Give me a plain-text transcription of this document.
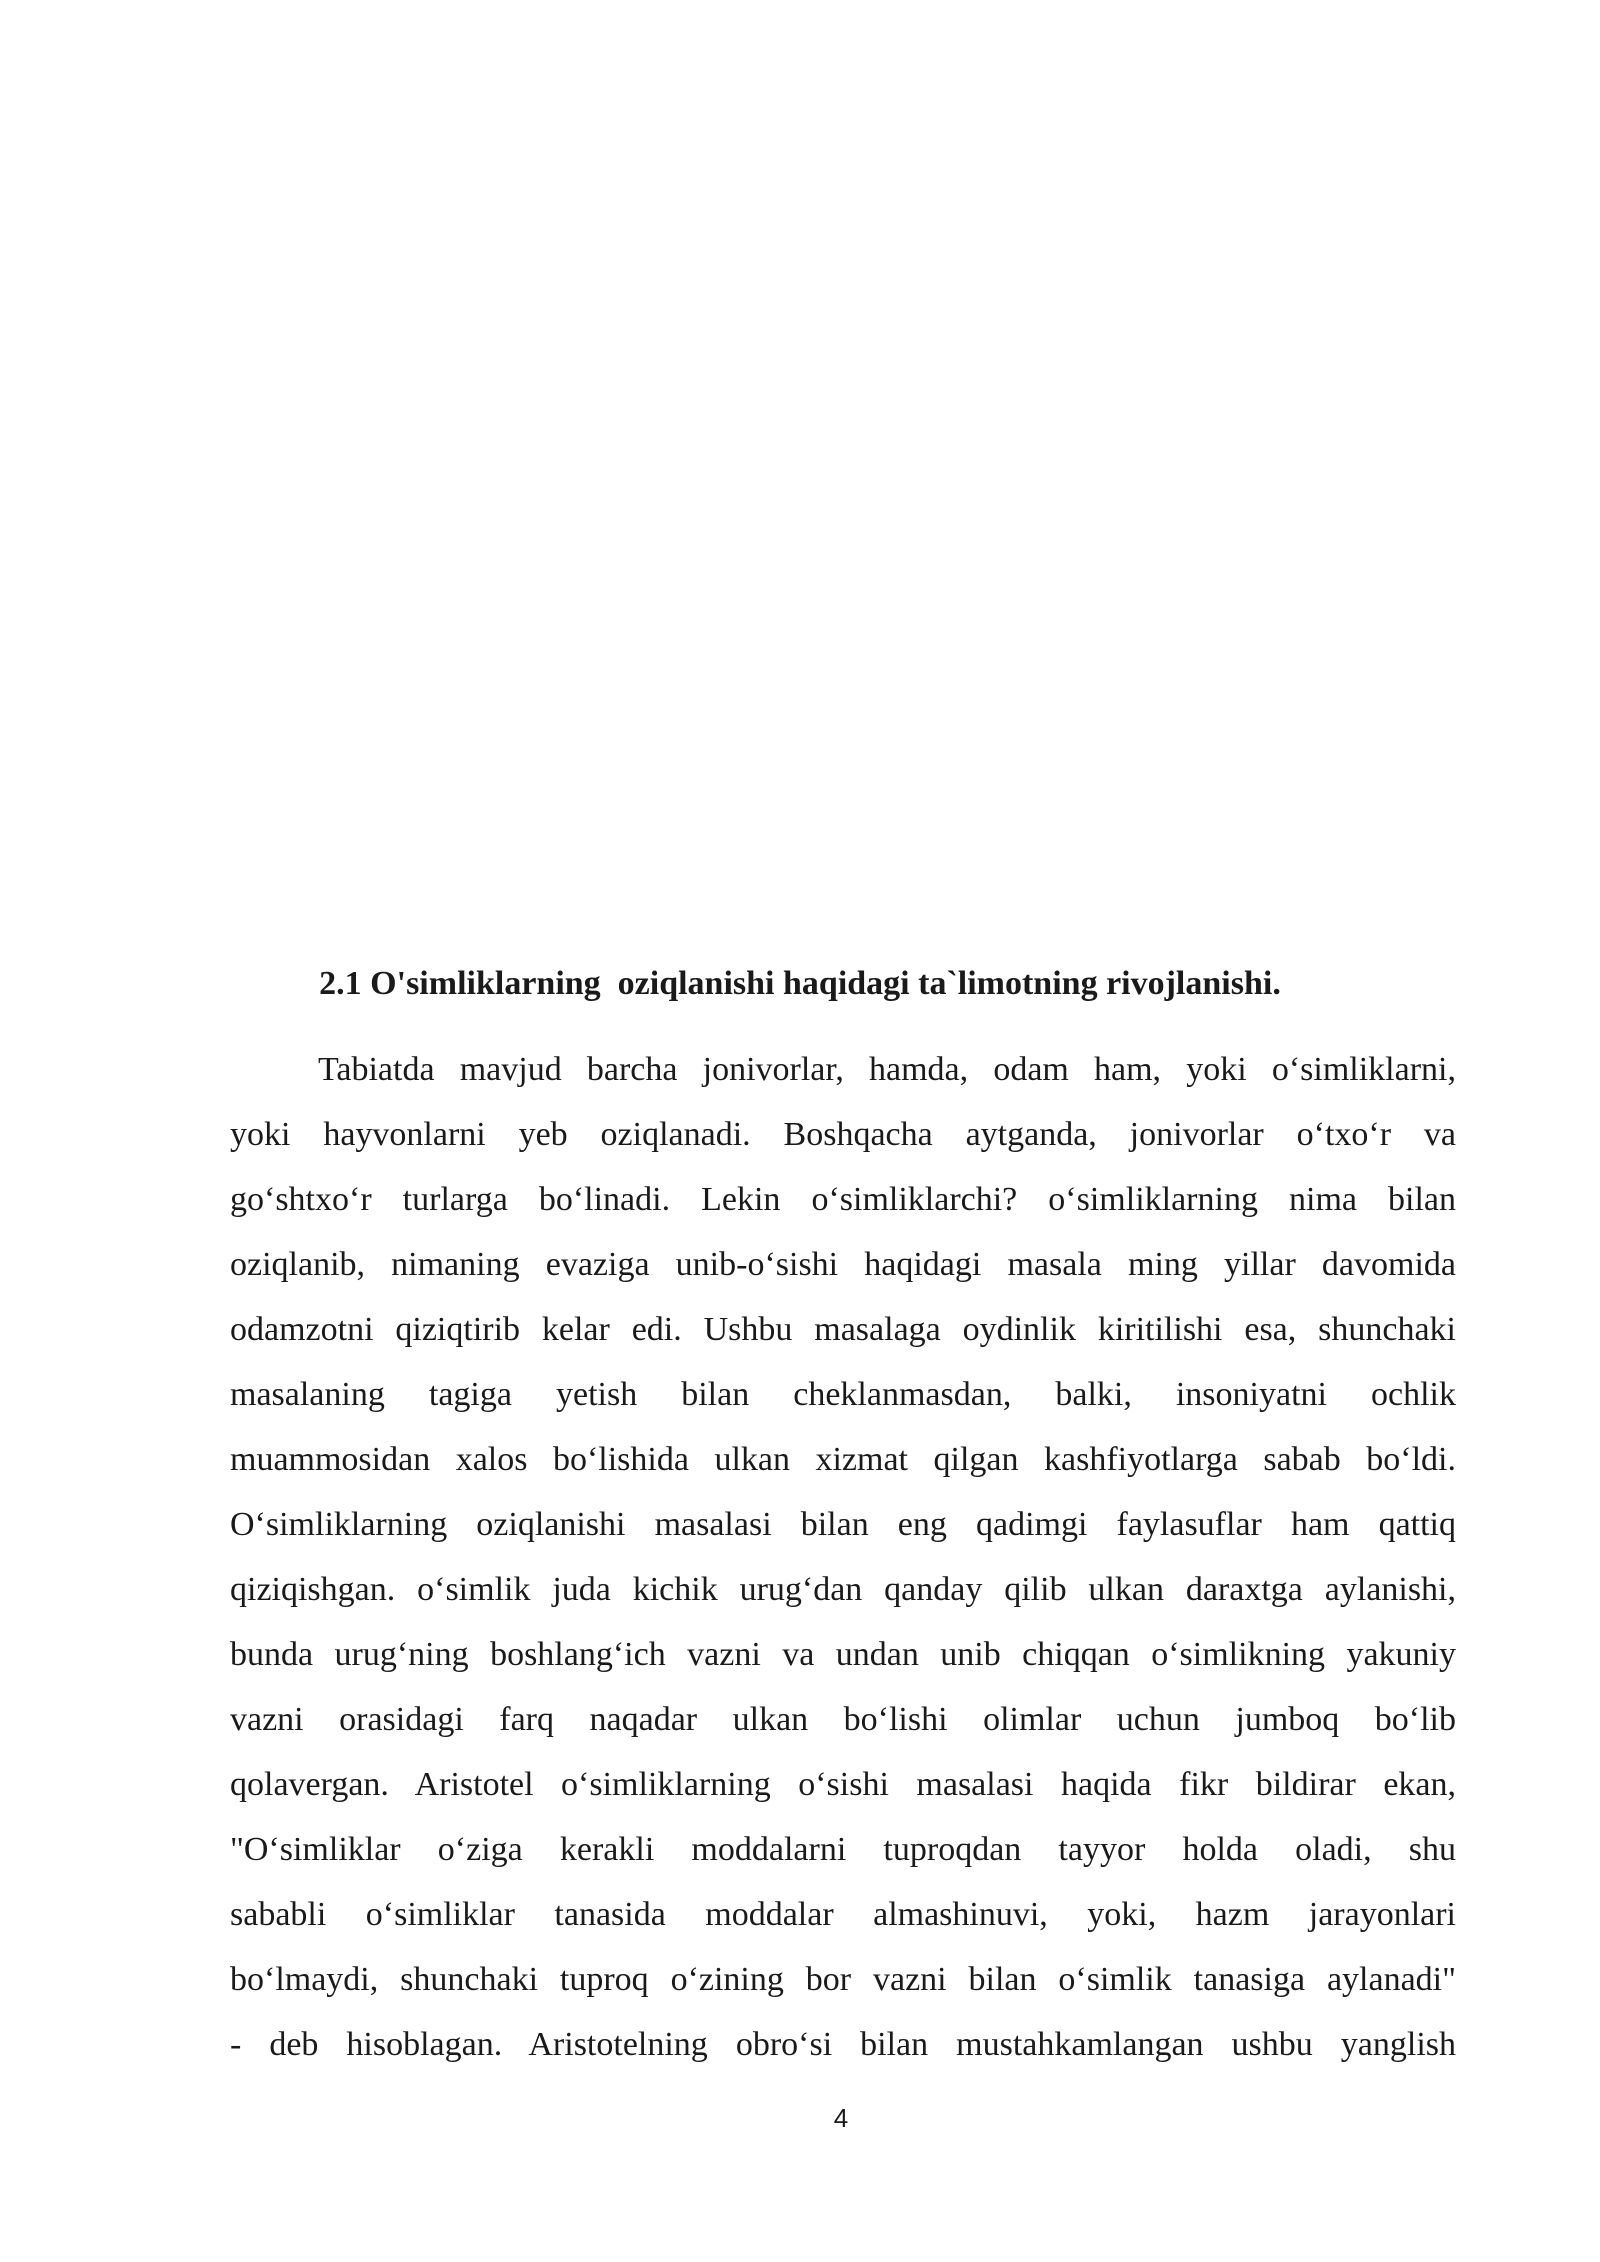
2.1 O'simliklarning  oziqlanishi haqidagi ta`limotning rivojlanishi.
Tabiatda mavjud barcha jonivorlar, hamda, odam ham, yoki o‘simliklarni,
yoki hayvonlarni yeb oziqlanadi. Boshqacha aytganda, jonivorlar o‘txo‘r va
go‘shtxo‘r turlarga bo‘linadi. Lekin o‘simliklarchi? o‘simliklarning nima bilan
oziqlanib, nimaning evaziga unib-o‘sishi haqidagi masala ming yillar davomida
odamzotni qiziqtirib kelar edi. Ushbu masalaga oydinlik kiritilishi esa, shunchaki
masalaning tagiga yetish bilan cheklanmasdan, balki, insoniyatni ochlik
muammosidan xalos bo‘lishida ulkan xizmat qilgan kashfiyotlarga sabab bo‘ldi.
O‘simliklarning oziqlanishi masalasi bilan eng qadimgi faylasuflar ham qattiq
qiziqishgan. o‘simlik juda kichik urug‘dan qanday qilib ulkan daraxtga aylanishi,
bunda urug‘ning boshlang‘ich vazni va undan unib chiqqan o‘simlikning yakuniy
vazni orasidagi farq naqadar ulkan bo‘lishi olimlar uchun jumboq bo‘lib
qolavergan. Aristotel o‘simliklarning o‘sishi masalasi haqida fikr bildirar ekan,
"O‘simliklar o‘ziga kerakli moddalarni tuproqdan tayyor holda oladi, shu
sababli o‘simliklar tanasida moddalar almashinuvi, yoki, hazm jarayonlari
bo‘lmaydi, shunchaki tuproq o‘zining bor vazni bilan o‘simlik tanasiga aylanadi"
- deb hisoblagan. Aristotelning obro‘si bilan mustahkamlangan ushbu yanglish
4
